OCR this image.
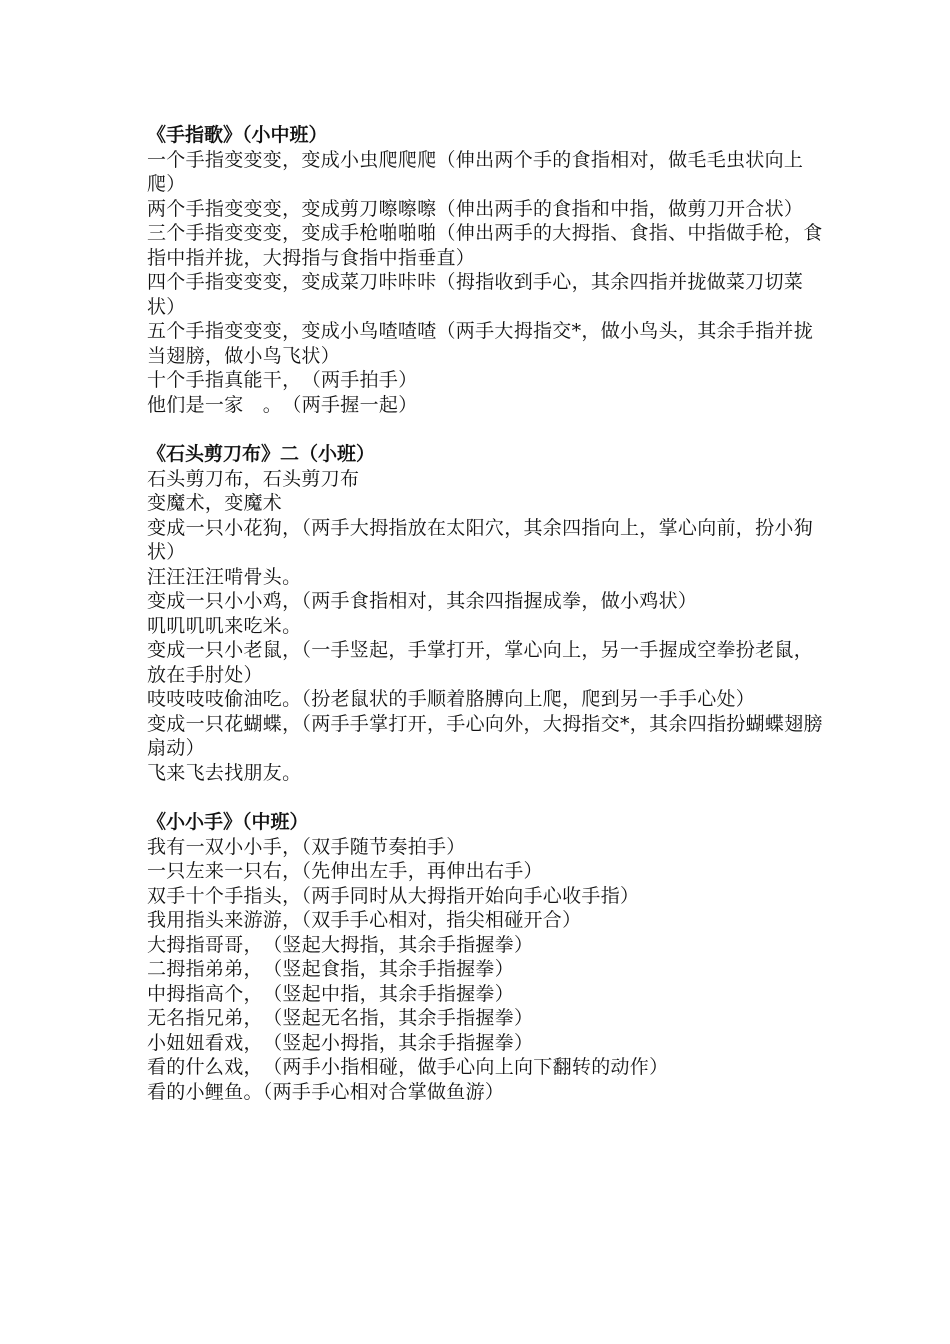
《手指歌》（小中班）
一个手指变变变，变成小虫爬爬爬（伸出两个手的食指相对，做毛毛虫状向上爬）
两个手指变变变，变成剪刀嚓嚓嚓（伸出两手的食指和中指，做剪刀开合状）
三个手指变变变，变成手枪啪啪啪（伸出两手的大拇指、食指、中指做手枪，食指中指并拢，大拇指与食指中指垂直）
四个手指变变变，变成菜刀咔咔咔（拇指收到手心，其余四指并拢做菜刀切菜状）
五个手指变变变，变成小鸟喳喳喳（两手大拇指交*，做小鸟头，其余手指并拢当翅膀，做小鸟飞状）
十个手指真能干，　（两手拍手）
他们是一家　。　（两手握一起）
《石头剪刀布》二（小班）
石头剪刀布，石头剪刀布
变魔术，变魔术
变成一只小花狗，（两手大拇指放在太阳穴，其余四指向上，掌心向前，扮小狗状）
汪汪汪汪啃骨头。
变成一只小小鸡，（两手食指相对，其余四指握成拳，做小鸡状）
叽叽叽叽来吃米。
变成一只小老鼠，（一手竖起，手掌打开，掌心向上，另一手握成空拳扮老鼠，放在手肘处）
吱吱吱吱偷油吃。（扮老鼠状的手顺着胳膊向上爬，爬到另一手手心处）
变成一只花蝴蝶，（两手手掌打开，手心向外，大拇指交*，其余四指扮蝴蝶翅膀扇动）
飞来飞去找朋友。
《小小手》（中班）
我有一双小小手，（双手随节奏拍手）
一只左来一只右，（先伸出左手，再伸出右手）
双手十个手指头，（两手同时从大拇指开始向手心收手指）
我用指头来游游，（双手手心相对，指尖相碰开合）
大拇指哥哥，　（竖起大拇指，其余手指握拳）
二拇指弟弟，　（竖起食指，其余手指握拳）
中拇指高个，　（竖起中指，其余手指握拳）
无名指兄弟，　（竖起无名指，其余手指握拳）
小妞妞看戏，　（竖起小拇指，其余手指握拳）
看的什么戏，　（两手小指相碰，做手心向上向下翻转的动作）
看的小鲤鱼。（两手手心相对合掌做鱼游）
